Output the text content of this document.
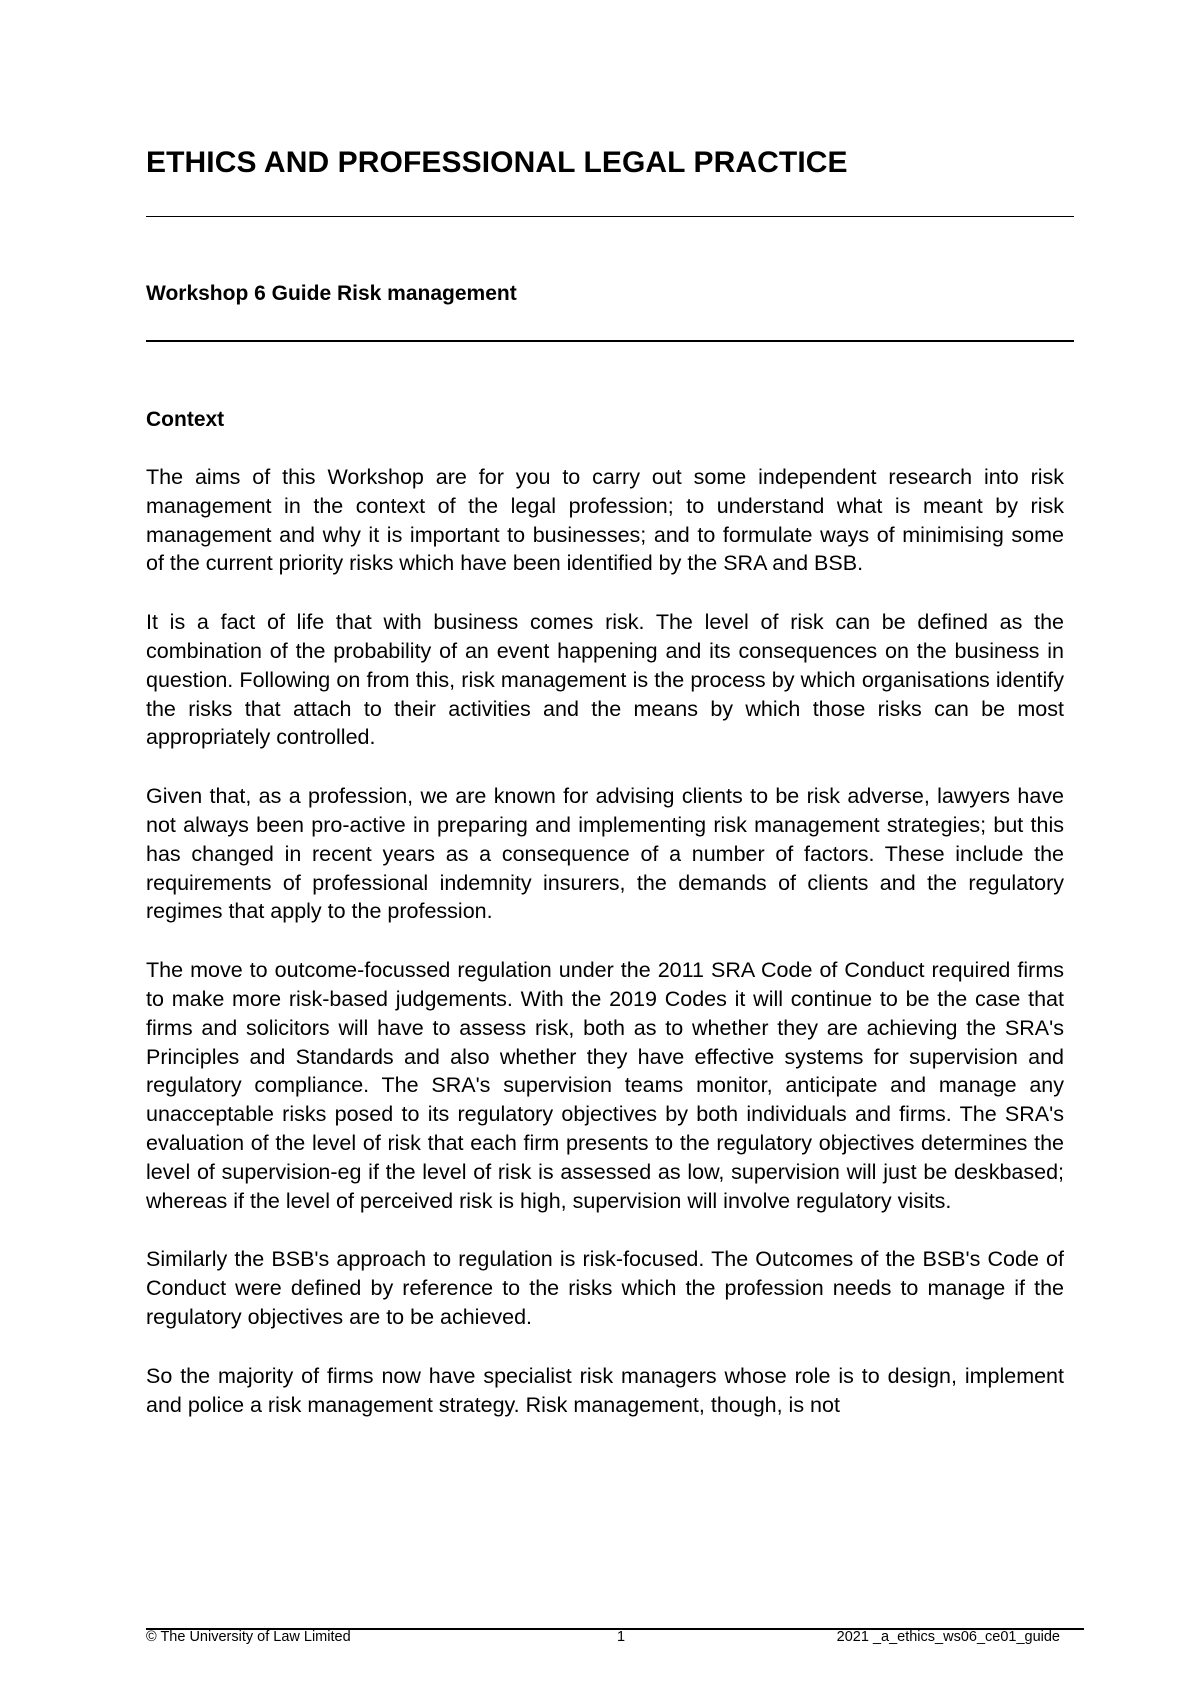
ETHICS AND PROFESSIONAL LEGAL PRACTICE
Workshop 6 Guide Risk management
Context

The aims of this Workshop are for you to carry out some independent research into risk management in the context of the legal profession; to understand what is meant by risk management and why it is important to businesses; and to formulate ways of minimising some of the current priority risks which have been identified by the SRA and BSB.

It is a fact of life that with business comes risk. The level of risk can be defined as the combination of the probability of an event happening and its consequences on the business in question. Following on from this, risk management is the process by which organisations identify the risks that attach to their activities and the means by which those risks can be most appropriately controlled.

Given that, as a profession, we are known for advising clients to be risk adverse, lawyers have not always been pro-active in preparing and implementing risk management strategies; but this has changed in recent years as a consequence of a number of factors. These include the requirements of professional indemnity insurers, the demands of clients and the regulatory regimes that apply to the profession.

The move to outcome-focussed regulation under the 2011 SRA Code of Conduct required firms to make more risk-based judgements. With the 2019 Codes it will continue to be the case that firms and solicitors will have to assess risk, both as to whether they are achieving the SRA's Principles and Standards and also whether they have effective systems for supervision and regulatory compliance. The SRA's supervision teams monitor, anticipate and manage any unacceptable risks posed to its regulatory objectives by both individuals and firms. The SRA's evaluation of the level of risk that each firm presents to the regulatory objectives determines the level of supervision-eg if the level of risk is assessed as low, supervision will just be deskbased; whereas if the level of perceived risk is high, supervision will involve regulatory visits.

Similarly the BSB's approach to regulation is risk-focused. The Outcomes of the BSB's Code of Conduct were defined by reference to the risks which the profession needs to manage if the regulatory objectives are to be achieved.

So the majority of firms now have specialist risk managers whose role is to design, implement and police a risk management strategy. Risk management, though, is not

© The University of Law Limited	1	2021 _a_ethics_ws06_ce01_guide
